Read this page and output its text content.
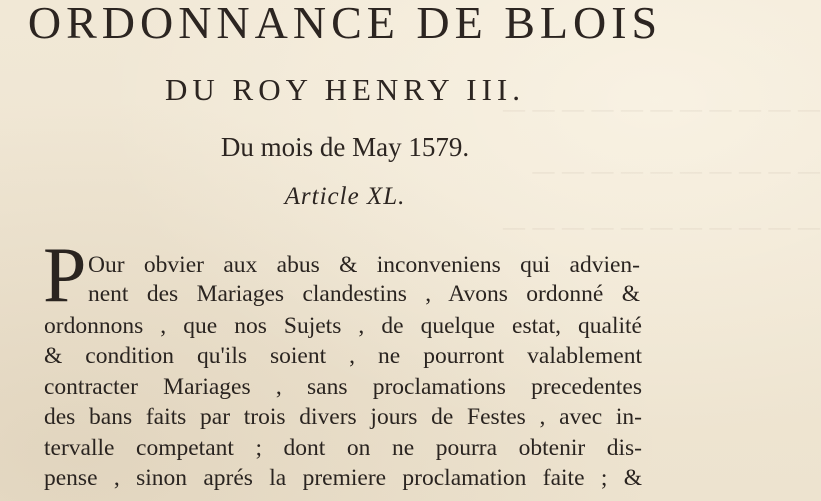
— — — — — — — — — — —
— — — — — — — — — —
— — — — — — — — — — —
ORDONNANCE DE BLOIS
DU ROY HENRY III.
Du mois de May 1579.
Article XL.
P Our obvier aux abus & inconveniens qui advien-
nent des Mariages clandestins , Avons ordonné &
ordonnons , que nos Sujets , de quelque estat, qualité
& condition qu'ils soient , ne pourront valablement
contracter Mariages , sans proclamations precedentes
des bans faits par trois divers jours de Festes , avec in-
tervalle competant ; dont on ne pourra obtenir dis-
pense , sinon aprés la premiere proclamation faite ; &
